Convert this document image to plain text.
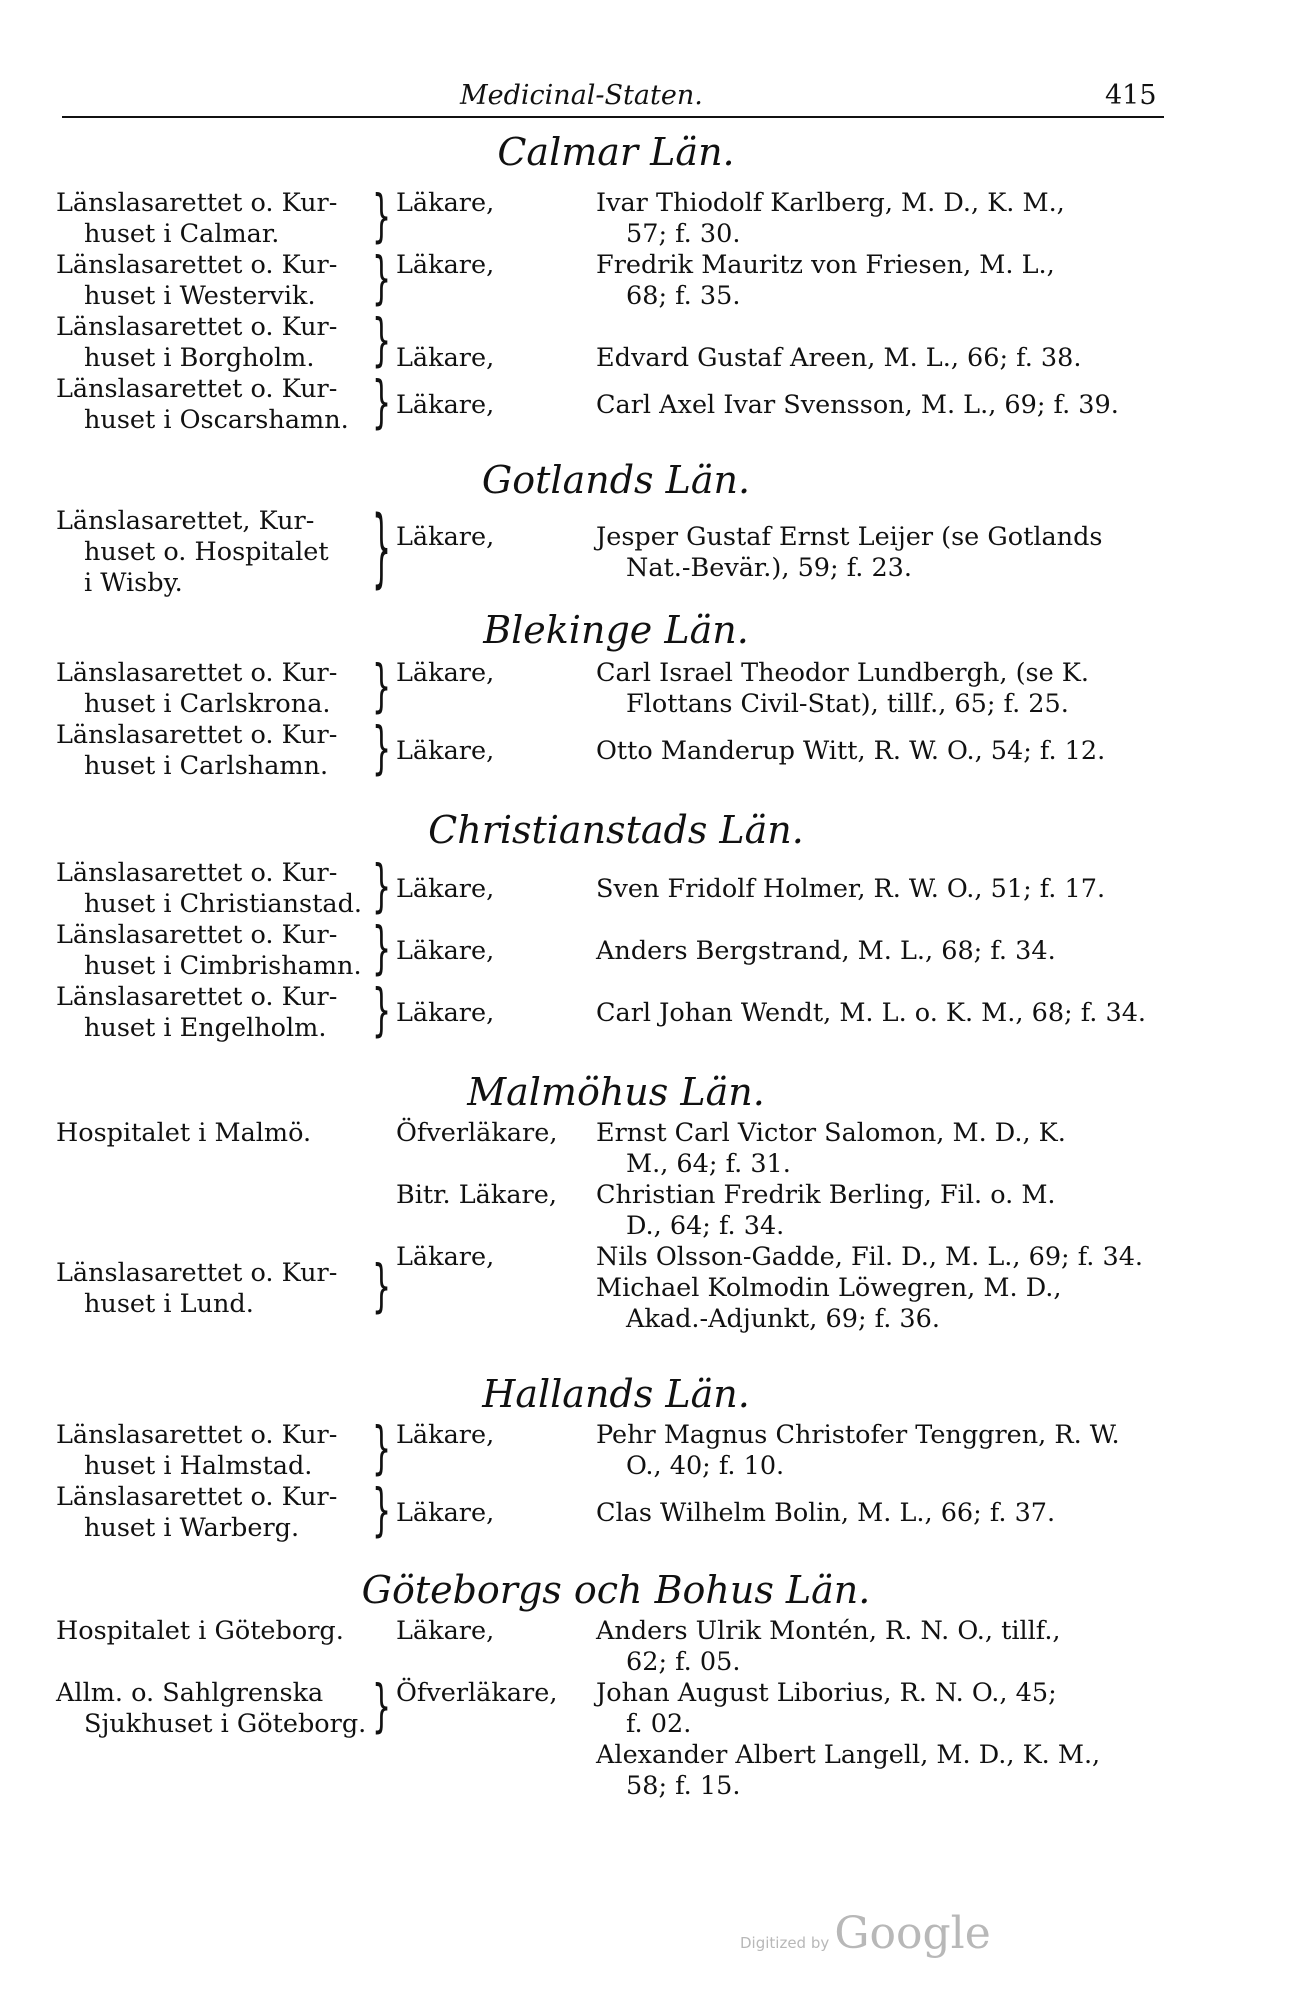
Medicinal-Staten.	415
Calmar Län.
Länslasarettet o. Kur-
huset i Calmar.	} Läkare,	Ivar Thiodolf Karlberg, M. D., K. M.,
57; f. 30.
Länslasarettet o. Kur-
huset i Westervik.	} Läkare,	Fredrik Mauritz von Friesen, M. L.,
68; f. 35.
Länslasarettet o. Kur-
huset i Borgholm.	} Läkare,	Edvard Gustaf Areen, M. L., 66; f. 38.
Länslasarettet o. Kur-
huset i Oscarshamn. } Läkare,	Carl Axel Ivar Svensson, M. L., 69; f. 39.
Gotlands Län.
Länslasarettet, Kur-
huset o. Hospitalet
i Wisby.	} Läkare,	Jesper Gustaf Ernst Leijer (se Gotlands
Nat.-Bevär.), 59; f. 23.
Blekinge Län.
Länslasarettet o. Kur-
huset i Carlskrona.	} Läkare,	Carl Israel Theodor Lundbergh, (se K.
Flottans Civil-Stat), tillf., 65; f. 25.
Länslasarettet o. Kur-
huset i Carlshamn.	} Läkare,	Otto Manderup Witt, R. W. O., 54; f. 12.
Christianstads Län.
Länslasarettet o. Kur-
huset i Christianstad. } Läkare,	Sven Fridolf Holmer, R. W. O., 51; f. 17.
Länslasarettet o. Kur-
huset i Cimbrishamn. } Läkare,	Anders Bergstrand, M. L., 68; f. 34.
Länslasarettet o. Kur-
huset i Engelholm.	} Läkare,	Carl Johan Wendt, M. L. o. K. M., 68; f. 34.
Malmöhus Län.
Hospitalet i Malmö.	Öfverläkare, Ernst Carl Victor Salomon, M. D., K.
M., 64; f. 31.
Bitr. Läkare, Christian Fredrik Berling, Fil. o. M.
D., 64; f. 34.
Länslasarettet o. Kur-
huset i Lund.	} Läkare,	Nils Olsson-Gadde, Fil. D., M. L., 69; f. 34.
Michael Kolmodin Löwegren, M. D.,
Akad.-Adjunkt, 69; f. 36.
Hallands Län.
Länslasarettet o. Kur-
huset i Halmstad.	} Läkare,	Pehr Magnus Christofer Tenggren, R. W.
O., 40; f. 10.
Länslasarettet o. Kur-
huset i Warberg.	} Läkare,	Clas Wilhelm Bolin, M. L., 66; f. 37.
Göteborgs och Bohus Län.
Hospitalet i Göteborg.	Läkare,	Anders Ulrik Montén, R. N. O., tillf.,
62; f. 05.
Allm. o. Sahlgrenska
Sjukhuset i Göteborg. } Öfverläkare, Johan August Liborius, R. N. O., 45;
f. 02.
Alexander Albert Langell, M. D., K. M.,
58; f. 15.
Digitized by Google
